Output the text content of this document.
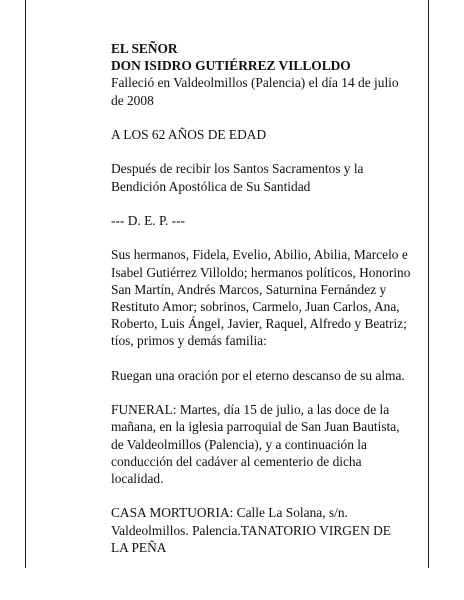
EL SEÑOR

DON ISIDRO GUTIÉRREZ VILLOLDO

Falleció en Valdeolmillos (Palencia) el día 14 de julio
de 2008

A LOS 62 AÑOS DE EDAD

Después de recibir los Santos Sacramentos y la
Bendición Apostólica de Su Santidad

--- D. E. P. ---

Sus hermanos, Fidela, Evelio, Abilio, Abilia, Marcelo e
Isabel Gutiérrez Villoldo; hermanos políticos, Honorino
San Martín, Andrés Marcos, Saturnina Fernández y
Restituto Amor; sobrinos, Carmelo, Juan Carlos, Ana,
Roberto, Luis Ángel, Javier, Raquel, Alfredo y Beatriz;
tíos, primos y demás familia:

Ruegan una oración por el eterno descanso de su alma.

FUNERAL: Martes, día 15 de julio, a las doce de la
mañana, en la iglesia parroquial de San Juan Bautista,
de Valdeolmillos (Palencia), y a continuación la
conducción del cadáver al cementerio de dicha
localidad.

CASA MORTUORIA: Calle La Solana, s/n.
Valdeolmillos. Palencia.TANATORIO VIRGEN DE
LA PEÑA
